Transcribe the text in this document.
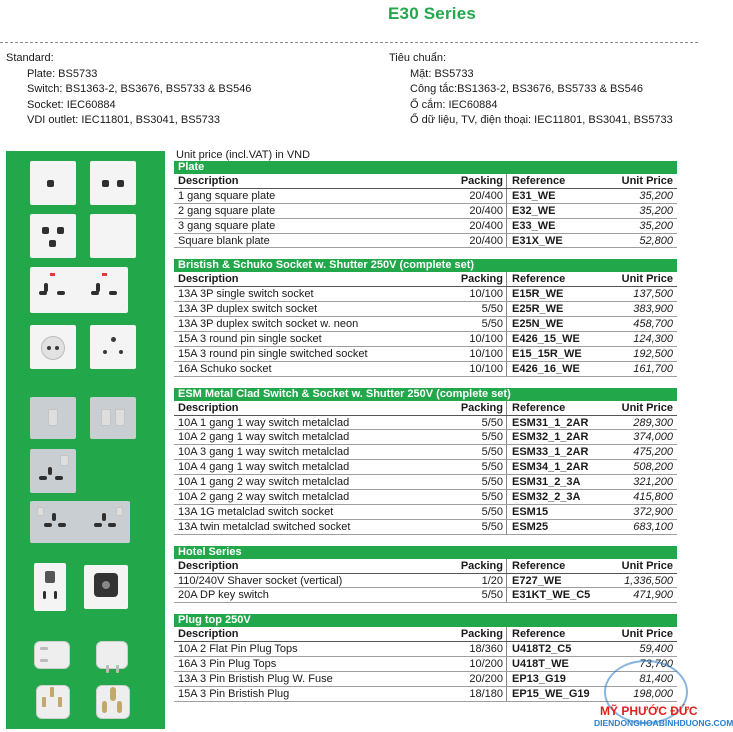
E30 Series
Standard:
Plate: BS5733
Switch: BS1363-2, BS3676, BS5733 & BS546
Socket: IEC60884
VDI outlet: IEC11801, BS3041, BS5733
Tiêu chuẩn:
Mặt: BS5733
Công tắc:BS1363-2, BS3676, BS5733 & BS546
Ổ cắm: IEC60884
Ổ dữ liệu, TV, điện thoại: IEC11801, BS3041, BS5733
Unit price (incl.VAT) in VND
Plate
Description	Packing Reference	Unit Price
1 gang square plate	20/400 E31_WE	35,200
2 gang square plate	20/400 E32_WE	35,200
3 gang square plate	20/400 E33_WE	35,200
Square blank plate	20/400 E31X_WE	52,800
Bristish & Schuko Socket w. Shutter 250V (complete set)
Description	Packing Reference	Unit Price
13A 3P single switch socket	10/100 E15R_WE	137,500
13A 3P duplex switch socket	5/50 E25R_WE	383,900
13A 3P duplex switch socket w. neon	5/50 E25N_WE	458,700
15A 3 round pin single socket	10/100 E426_15_WE	124,300
15A 3 round pin single switched socket	10/100 E15_15R_WE	192,500
16A Schuko socket	10/100 E426_16_WE	161,700
ESM Metal Clad Switch & Socket w. Shutter 250V (complete set)
Description	Packing Reference	Unit Price
10A 1 gang 1 way switch metalclad	5/50 ESM31_1_2AR	289,300
10A 2 gang 1 way switch metalclad	5/50 ESM32_1_2AR	374,000
10A 3 gang 1 way switch metalclad	5/50 ESM33_1_2AR	475,200
10A 4 gang 1 way switch metalclad	5/50 ESM34_1_2AR	508,200
10A 1 gang 2 way switch metalclad	5/50 ESM31_2_3A	321,200
10A 2 gang 2 way switch metalclad	5/50 ESM32_2_3A	415,800
13A 1G metalclad switch socket	5/50 ESM15	372,900
13A twin metalclad switched socket	5/50 ESM25	683,100
Hotel Series
Description	Packing Reference	Unit Price
110/240V Shaver socket (vertical)	1/20 E727_WE	1,336,500
20A DP key switch	5/50 E31KT_WE_C5	471,900
Plug top 250V
Description	Packing Reference	Unit Price
10A 2 Flat Pin Plug Tops	18/360 U418T2_C5	59,400
16A 3 Pin Plug Tops	10/200 U418T_WE	73,700
13A 3 Pin Bristish Plug W. Fuse	20/200 EP13_G19	81,400
15A 3 Pin Bristish Plug	18/180 EP15_WE_G19	198,000
MỸ PHƯỚC ĐỨC
DIENDONGHOABINHDUONG.COM
